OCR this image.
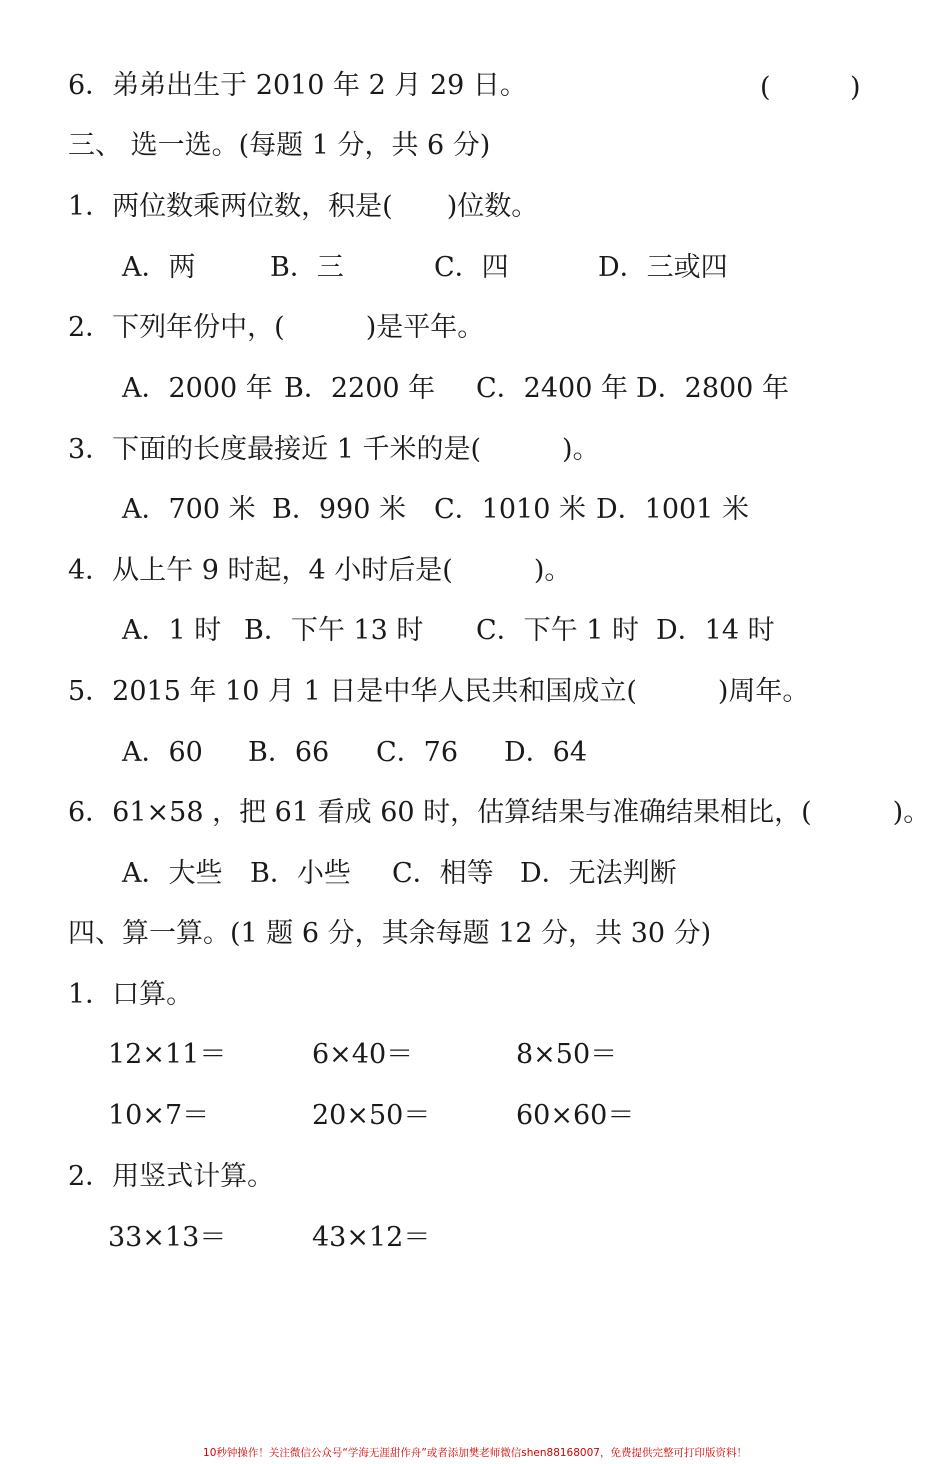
6．弟弟出生于 2010 年 2 月 29 日。	(	)
三、 选一选。(每题 1 分，共 6 分)
1．两位数乘两位数，积是(　　)位数。
A．两	B．三	C．四	D．三或四
2．下列年份中，(　　　)是平年。
A．2000 年 B．2200 年 C．2400 年 D．2800 年
3．下面的长度最接近 1 千米的是(　　　)。
A．700 米 B．990 米 C．1010 米 D．1001 米
4．从上午 9 时起，4 小时后是(　　　)。
A．1 时 B．下午 13 时 C．下午 1 时 D．14 时
5．2015 年 10 月 1 日是中华人民共和国成立(　　　)周年。
A．60 B．66 C．76 D．64
6．61×58 ，把 61 看成 60 时，估算结果与准确结果相比，(　　　)。
A．大些 B．小些 C．相等 D．无法判断
四、算一算。(1 题 6 分，其余每题 12 分，共 30 分)
1．口算。
12×11＝	6×40＝	8×50＝
10×7＝	20×50＝	60×60＝
2．用竖式计算。
33×13＝	43×12＝
10秒钟操作！关注微信公众号“学海无涯甜作舟”或者添加樊老师微信shen88168007，免费提供完整可打印版资料！
